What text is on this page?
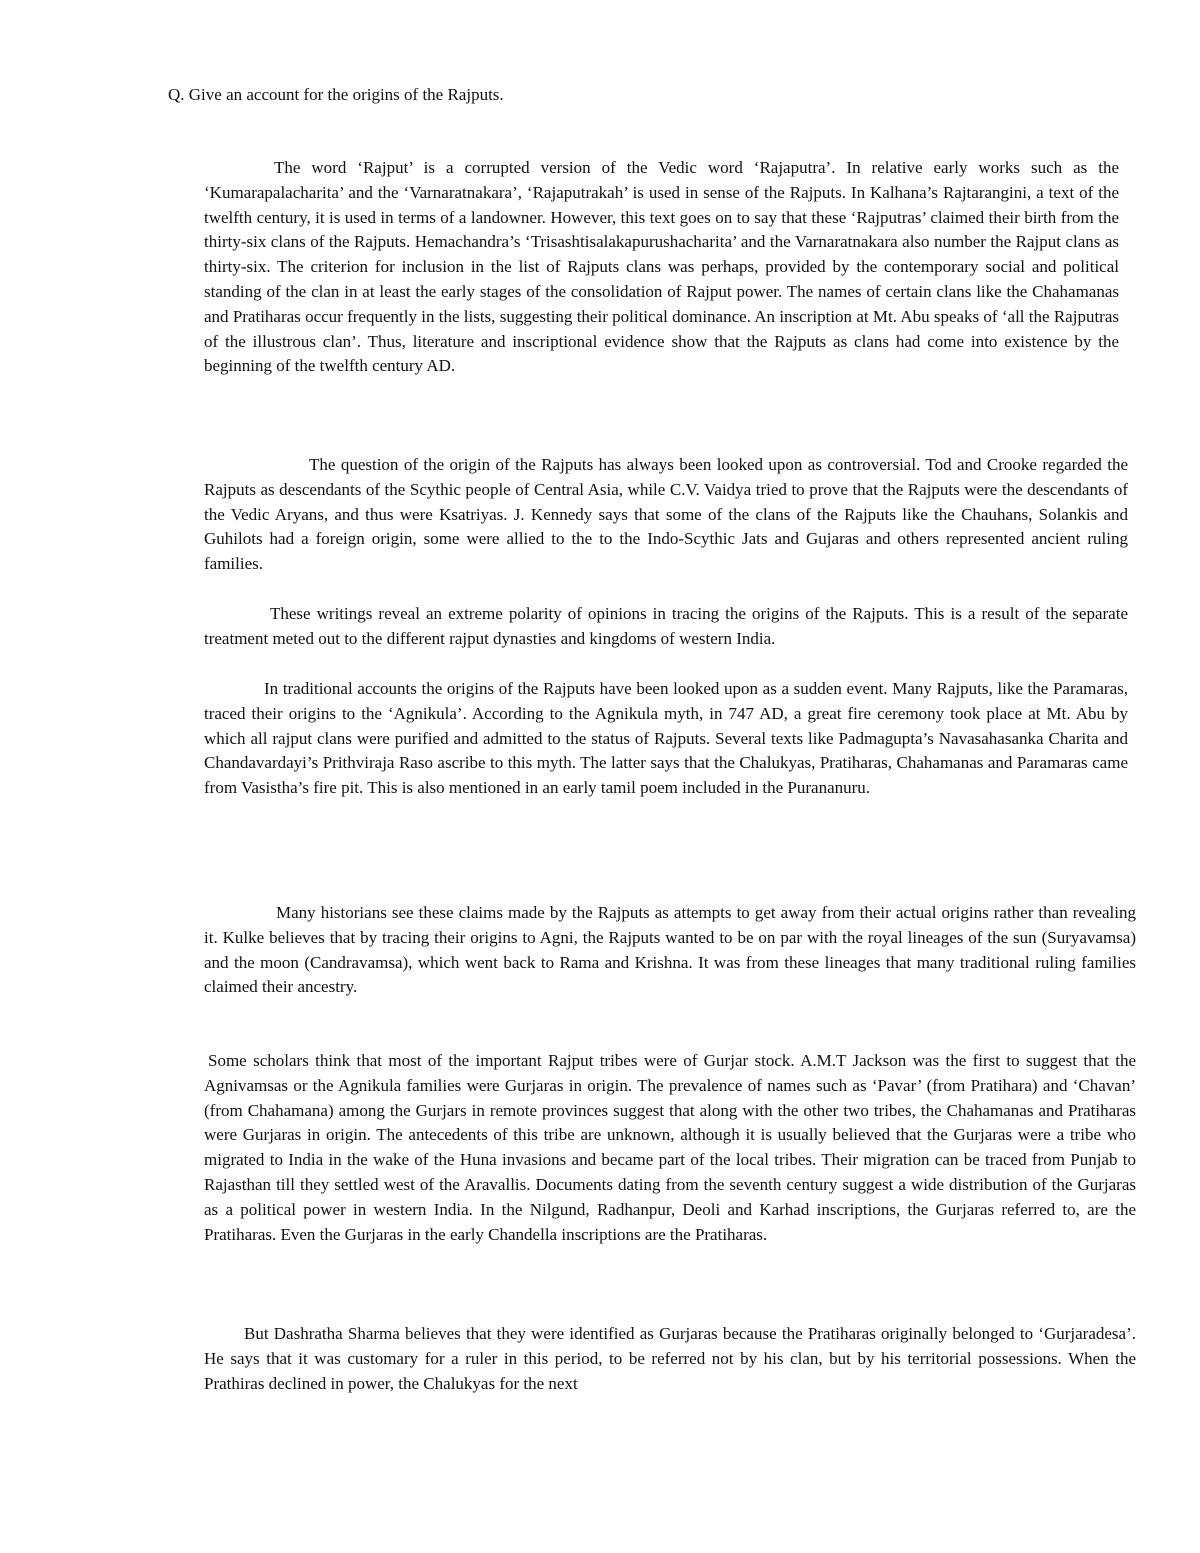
Q. Give an account for the origins of the Rajputs.

The word ‘Rajput’ is a corrupted version of the Vedic word ‘Rajaputra’. In relative early works such as the ‘Kumarapalacharita’ and the ‘Varnaratnakara’, ‘Rajaputrakah’ is used in sense of the Rajputs. In Kalhana’s Rajtarangini, a text of the twelfth century, it is used in terms of a landowner. However, this text goes on to say that these ‘Rajputras’ claimed their birth from the thirty-six clans of the Rajputs. Hemachandra’s ‘Trisashtisalakapurushacharita’ and the Varnaratnakara also number the Rajput clans as thirty-six. The criterion for inclusion in the list of Rajputs clans was perhaps, provided by the contemporary social and political standing of the clan in at least the early stages of the consolidation of Rajput power. The names of certain clans like the Chahamanas and Pratiharas occur frequently in the lists, suggesting their political dominance. An inscription at Mt. Abu speaks of ‘all the Rajputras of the illustrous clan’. Thus, literature and inscriptional evidence show that the Rajputs as clans had come into existence by the beginning of the twelfth century AD.

The question of the origin of the Rajputs has always been looked upon as controversial. Tod and Crooke regarded the Rajputs as descendants of the Scythic people of Central Asia, while C.V. Vaidya tried to prove that the Rajputs were the descendants of the Vedic Aryans, and thus were Ksatriyas. J. Kennedy says that some of the clans of the Rajputs like the Chauhans, Solankis and Guhilots had a foreign origin, some were allied to the to the Indo-Scythic Jats and Gujaras and others represented ancient ruling families.

These writings reveal an extreme polarity of opinions in tracing the origins of the Rajputs. This is a result of the separate treatment meted out to the different rajput dynasties and kingdoms of western India.

In traditional accounts the origins of the Rajputs have been looked upon as a sudden event. Many Rajputs, like the Paramaras, traced their origins to the ‘Agnikula’. According to the Agnikula myth, in 747 AD, a great fire ceremony took place at Mt. Abu by which all rajput clans were purified and admitted to the status of Rajputs. Several texts like Padmagupta’s Navasahasanka Charita and Chandavardayi’s Prithviraja Raso ascribe to this myth. The latter says that the Chalukyas, Pratiharas, Chahamanas and Paramaras came from Vasistha’s fire pit. This is also mentioned in an early tamil poem included in the Purananuru.

Many historians see these claims made by the Rajputs as attempts to get away from their actual origins rather than revealing it. Kulke believes that by tracing their origins to Agni, the Rajputs wanted to be on par with the royal lineages of the sun (Suryavamsa) and the moon (Candravamsa), which went back to Rama and Krishna. It was from these lineages that many traditional ruling families claimed their ancestry.

Some scholars think that most of the important Rajput tribes were of Gurjar stock. A.M.T Jackson was the first to suggest that the Agnivamsas or the Agnikula families were Gurjaras in origin. The prevalence of names such as ‘Pavar’ (from Pratihara) and ‘Chavan’ (from Chahamana) among the Gurjars in remote provinces suggest that along with the other two tribes, the Chahamanas and Pratiharas were Gurjaras in origin. The antecedents of this tribe are unknown, although it is usually believed that the Gurjaras were a tribe who migrated to India in the wake of the Huna invasions and became part of the local tribes. Their migration can be traced from Punjab to Rajasthan till they settled west of the Aravallis. Documents dating from the seventh century suggest a wide distribution of the Gurjaras as a political power in western India. In the Nilgund, Radhanpur, Deoli and Karhad inscriptions, the Gurjaras referred to, are the Pratiharas. Even the Gurjaras in the early Chandella inscriptions are the Pratiharas.

But Dashratha Sharma believes that they were identified as Gurjaras because the Pratiharas originally belonged to ‘Gurjaradesa’. He says that it was customary for a ruler in this period, to be referred not by his clan, but by his territorial possessions. When the Prathiras declined in power, the Chalukyas for the next
